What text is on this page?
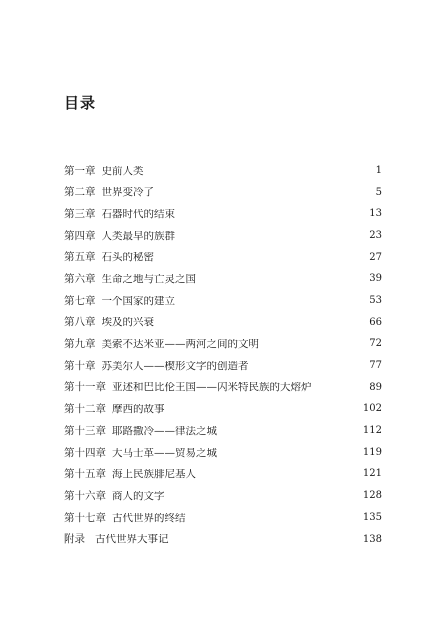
目录
第一章 史前人类	1
第二章 世界变冷了	5
第三章 石器时代的结束	13
第四章 人类最早的族群	23
第五章 石头的秘密	27
第六章 生命之地与亡灵之国	39
第七章 一个国家的建立	53
第八章 埃及的兴衰	66
第九章 美索不达米亚——两河之间的文明	72
第十章 苏美尔人——楔形文字的创造者	77
第十一章 亚述和巴比伦王国——闪米特民族的大熔炉	89
第十二章 摩西的故事	102
第十三章 耶路撒冷——律法之城	112
第十四章 大马士革——贸易之城	119
第十五章 海上民族腓尼基人	121
第十六章 商人的文字	128
第十七章 古代世界的终结	135
附录 古代世界大事记	138
